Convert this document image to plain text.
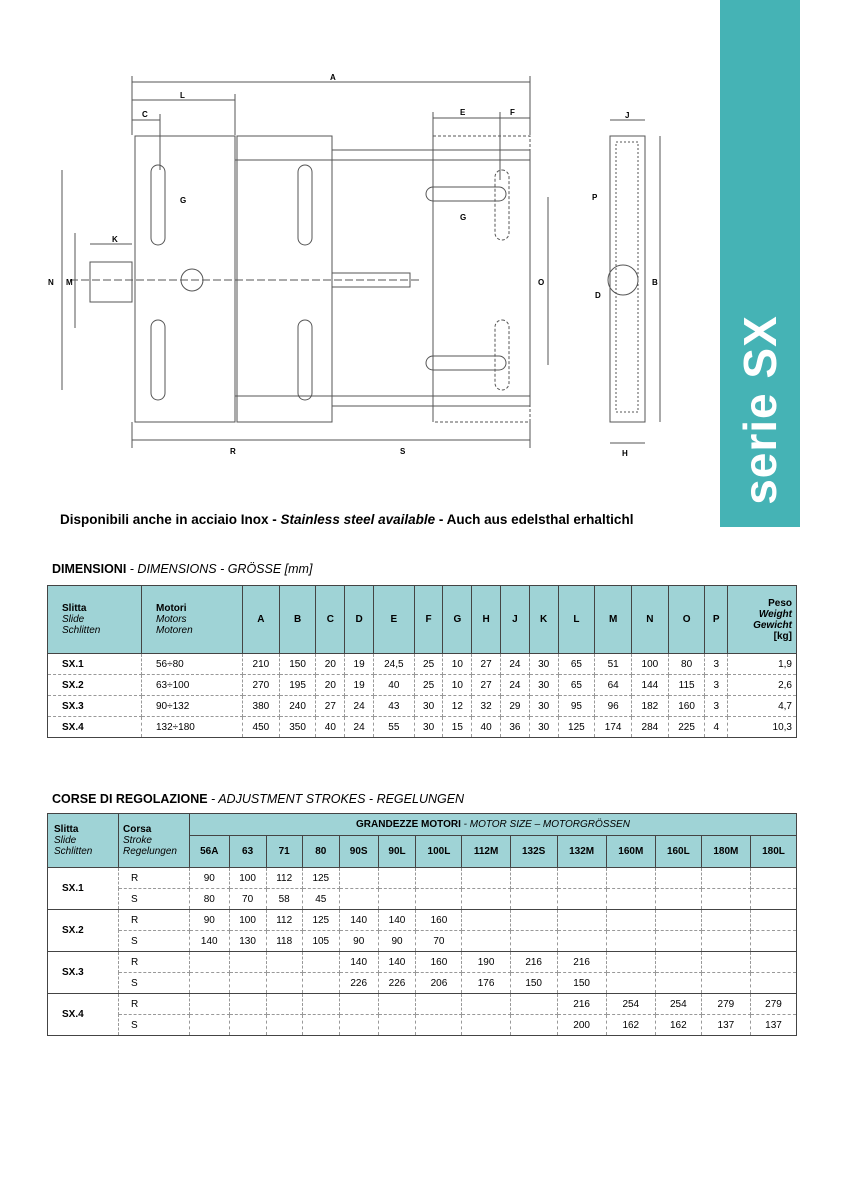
serie SX
A
L
C	E	F	J
G
K
N M	O	B
P
D
R	S	H
G
Disponibili anche in acciaio Inox - Stainless steel available - Auch aus edelsthal erhaltichl
DIMENSIONI - DIMENSIONS - GRÖSSE [mm]
Slitta
Slide
Schlitten	Motori
Motors
Motoren	A	B	C	D	E	F	G	H	J	K	L	M	N	O	P	Peso
Weight
Gewicht
[kg]

SX.1	56÷80	210	150	20	19	24,5	25	10	27	24	30	65	51	100	80	3	1,9
SX.2	63÷100	270	195	20	19	40	25	10	27	24	30	65	64	144	115	3	2,6
SX.3	90÷132	380	240	27	24	43	30	12	32	29	30	95	96	182	160	3	4,7
SX.4	132÷180	450	350	40	24	55	30	15	40	36	30	125	174	284	225	4	10,3
CORSE DI REGOLAZIONE - ADJUSTMENT STROKES - REGELUNGEN
Slitta
Slide
Schlitten	Corsa
Stroke
Regelungen	GRANDEZZE MOTORI - MOTOR SIZE – MOTORGRÖSSEN													
		56A	63	71	80	90S	90L	100L	112M	132S	132M	160M	160L	180M	180L
SX.1	R	90	100	112	125										
	S	80	70	58	45										
SX.2	R	90	100	112	125	140	140	160							
	S	140	130	118	105	90	90	70							
SX.3	R					140	140	160	190	216	216				
	S					226	226	206	176	150	150				
SX.4	R										216	254	254	279	279
	S										200	162	162	137	137
